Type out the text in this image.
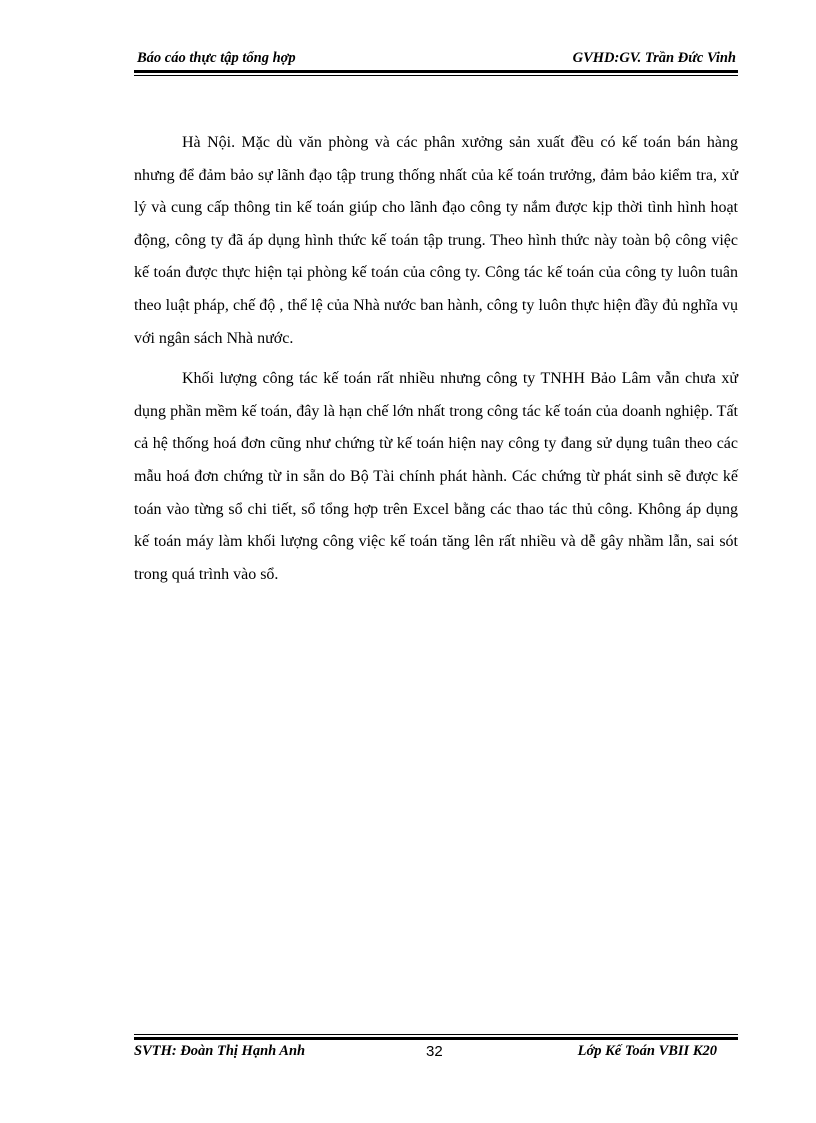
Báo cáo thực tập tổng hợp	GVHD:GV. Trần Đức Vinh

Hà Nội. Mặc dù văn phòng và các phân xưởng sản xuất đều có kế toán bán hàng nhưng để đảm bảo sự lãnh đạo tập trung thống nhất của kế toán trưởng, đảm bảo kiểm tra, xử lý và cung cấp thông tin kế toán giúp cho lãnh đạo công ty nắm được kịp thời tình hình hoạt động, công ty đã áp dụng hình thức kế toán tập trung. Theo hình thức này toàn bộ công việc kế toán được thực hiện tại phòng kế toán của công ty. Công tác kế toán của công ty luôn tuân theo luật pháp, chế độ , thể lệ của Nhà nước ban hành, công ty luôn thực hiện đầy đủ nghĩa vụ với ngân sách Nhà nước.

Khối lượng công tác kế toán rất nhiều nhưng công ty TNHH Bảo Lâm vẫn chưa xử dụng phần mềm kế toán, đây là hạn chế lớn nhất trong công tác kế toán của doanh nghiệp. Tất cả hệ thống hoá đơn cũng như chứng từ kế toán hiện nay công ty đang sử dụng tuân theo các mẫu hoá đơn chứng từ in sẵn do Bộ Tài chính phát hành. Các chứng từ phát sinh sẽ được kế toán vào từng sổ chi tiết, sổ tổng hợp trên Excel bằng các thao tác thủ công. Không áp dụng kế toán máy làm khối lượng công việc kế toán tăng lên rất nhiều và dễ gây nhầm lẫn, sai sót trong quá trình vào sổ.

SVTH: Đoàn Thị Hạnh Anh	32	Lớp Kế Toán VBII K20
